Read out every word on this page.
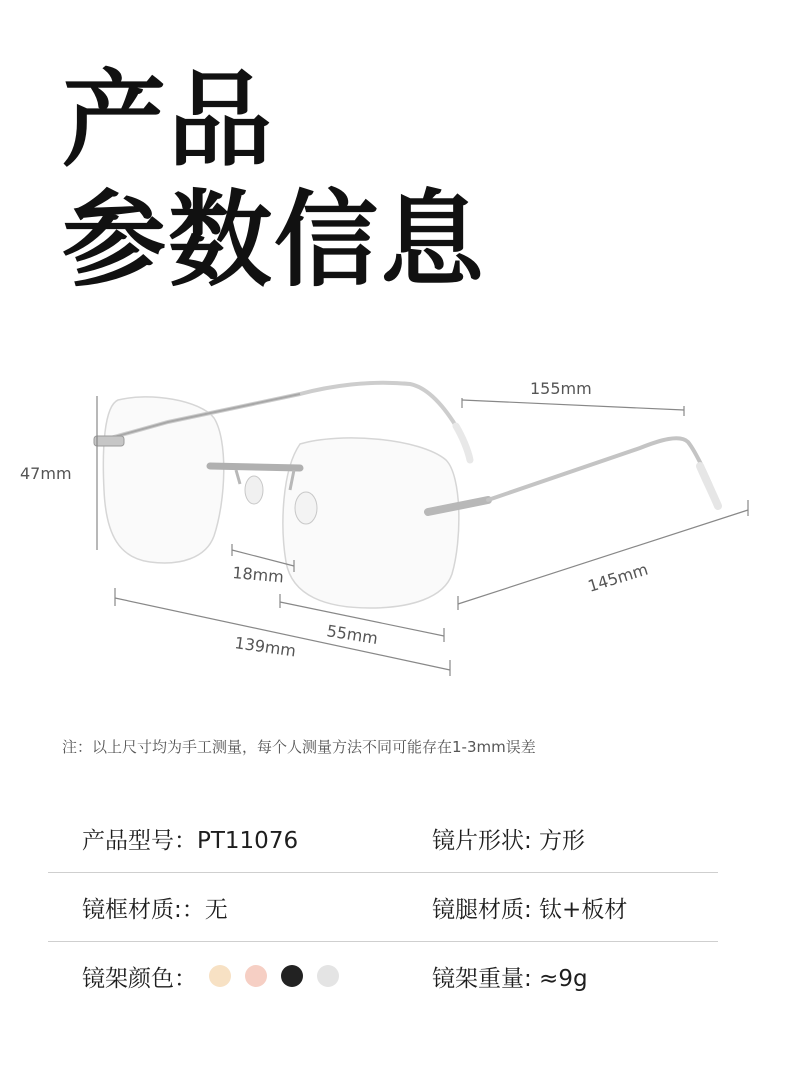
产品
参数信息
155mm
47mm
18mm
55mm
139mm
145mm

注：以上尺寸均为手工测量，每个人测量方法不同可能存在1-3mm误差

产品型号：PT11076	镜片形状: 方形
镜框材质:：无	镜腿材质: 钛+板材
镜架颜色：	镜架重量: ≈9g
